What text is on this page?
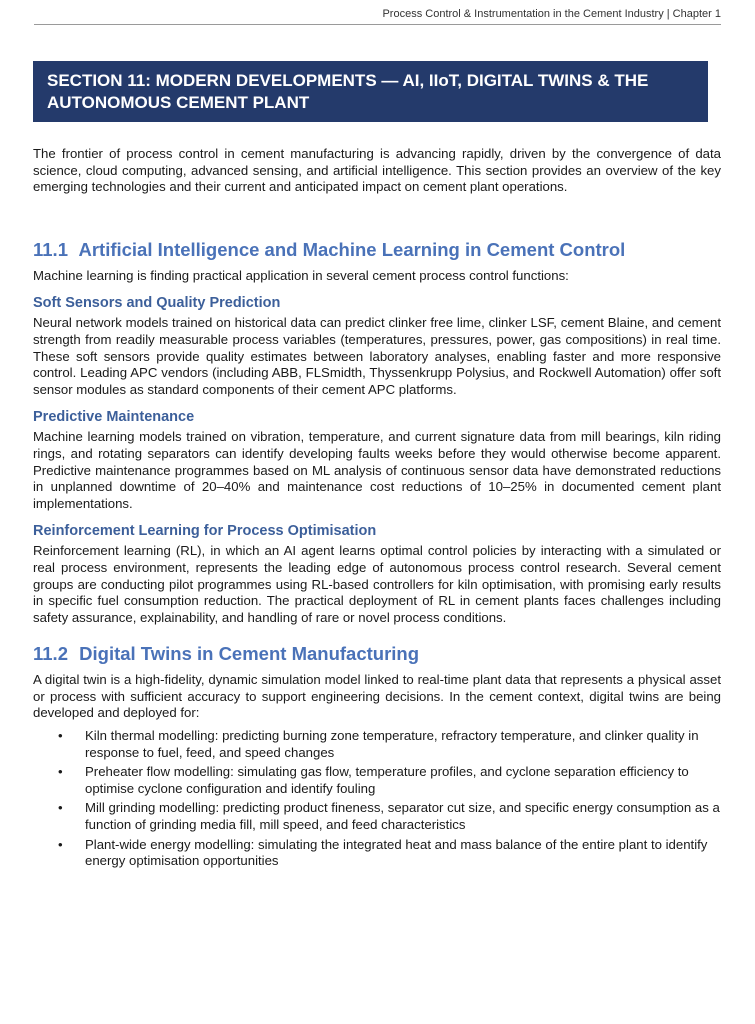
Process Control & Instrumentation in the Cement Industry | Chapter 1
SECTION 11: MODERN DEVELOPMENTS — AI, IIoT, DIGITAL TWINS & THE AUTONOMOUS CEMENT PLANT

The frontier of process control in cement manufacturing is advancing rapidly, driven by the convergence of data science, cloud computing, advanced sensing, and artificial intelligence. This section provides an overview of the key emerging technologies and their current and anticipated impact on cement plant operations.

11.1 Artificial Intelligence and Machine Learning in Cement Control

Machine learning is finding practical application in several cement process control functions:

Soft Sensors and Quality Prediction

Neural network models trained on historical data can predict clinker free lime, clinker LSF, cement Blaine, and cement strength from readily measurable process variables (temperatures, pressures, power, gas compositions) in real time. These soft sensors provide quality estimates between laboratory analyses, enabling faster and more responsive control. Leading APC vendors (including ABB, FLSmidth, Thyssenkrupp Polysius, and Rockwell Automation) offer soft sensor modules as standard components of their cement APC platforms.

Predictive Maintenance

Machine learning models trained on vibration, temperature, and current signature data from mill bearings, kiln riding rings, and rotating separators can identify developing faults weeks before they would otherwise become apparent. Predictive maintenance programmes based on ML analysis of continuous sensor data have demonstrated reductions in unplanned downtime of 20–40% and maintenance cost reductions of 10–25% in documented cement plant implementations.

Reinforcement Learning for Process Optimisation

Reinforcement learning (RL), in which an AI agent learns optimal control policies by interacting with a simulated or real process environment, represents the leading edge of autonomous process control research. Several cement groups are conducting pilot programmes using RL-based controllers for kiln optimisation, with promising early results in specific fuel consumption reduction. The practical deployment of RL in cement plants faces challenges including safety assurance, explainability, and handling of rare or novel process conditions.

11.2 Digital Twins in Cement Manufacturing

A digital twin is a high-fidelity, dynamic simulation model linked to real-time plant data that represents a physical asset or process with sufficient accuracy to support engineering decisions. In the cement context, digital twins are being developed and deployed for:

• Kiln thermal modelling: predicting burning zone temperature, refractory temperature, and clinker quality in response to fuel, feed, and speed changes
• Preheater flow modelling: simulating gas flow, temperature profiles, and cyclone separation efficiency to optimise cyclone configuration and identify fouling
• Mill grinding modelling: predicting product fineness, separator cut size, and specific energy consumption as a function of grinding media fill, mill speed, and feed characteristics
• Plant-wide energy modelling: simulating the integrated heat and mass balance of the entire plant to identify energy optimisation opportunities
